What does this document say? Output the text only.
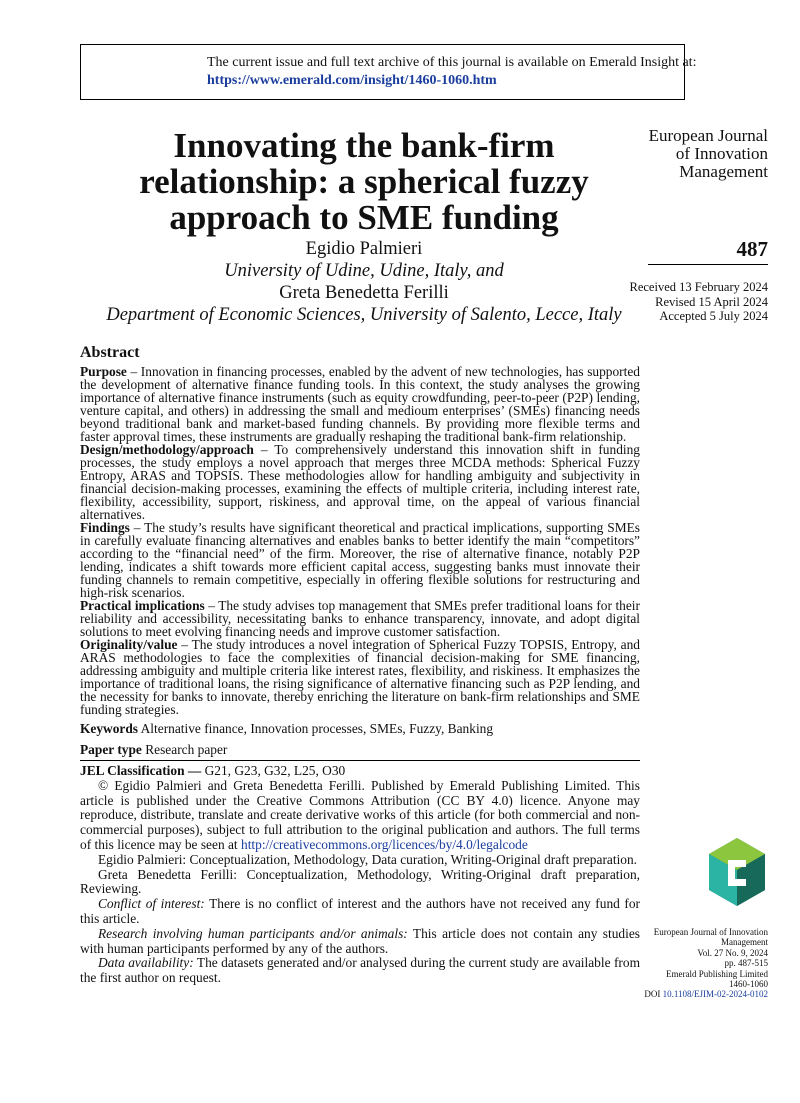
The current issue and full text archive of this journal is available on Emerald Insight at:
https://www.emerald.com/insight/1460-1060.htm
Innovating the bank-firm
relationship: a spherical fuzzy
approach to SME funding
Egidio Palmieri
University of Udine, Udine, Italy, and
Greta Benedetta Ferilli
Department of Economic Sciences, University of Salento, Lecce, Italy
European Journal
of Innovation
Management
487
Received 13 February 2024
Revised 15 April 2024
Accepted 5 July 2024

Abstract

Purpose – Innovation in financing processes, enabled by the advent of new technologies, has supported the development of alternative finance funding tools. In this context, the study analyses the growing importance of alternative finance instruments (such as equity crowdfunding, peer-to-peer (P2P) lending, venture capital, and others) in addressing the small and medioum enterprises’ (SMEs) financing needs beyond traditional bank and market-based funding channels. By providing more flexible terms and faster approval times, these instruments are gradually reshaping the traditional bank-firm relationship.

Design/methodology/approach – To comprehensively understand this innovation shift in funding processes, the study employs a novel approach that merges three MCDA methods: Spherical Fuzzy Entropy, ARAS and TOPSIS. These methodologies allow for handling ambiguity and subjectivity in financial decision-making processes, examining the effects of multiple criteria, including interest rate, flexibility, accessibility, support, riskiness, and approval time, on the appeal of various financial alternatives.

Findings – The study’s results have significant theoretical and practical implications, supporting SMEs in carefully evaluate financing alternatives and enables banks to better identify the main “competitors” according to the “financial need” of the firm. Moreover, the rise of alternative finance, notably P2P lending, indicates a shift towards more efficient capital access, suggesting banks must innovate their funding channels to remain competitive, especially in offering flexible solutions for restructuring and high-risk scenarios.

Practical implications – The study advises top management that SMEs prefer traditional loans for their reliability and accessibility, necessitating banks to enhance transparency, innovate, and adopt digital solutions to meet evolving financing needs and improve customer satisfaction.

Originality/value – The study introduces a novel integration of Spherical Fuzzy TOPSIS, Entropy, and ARAS methodologies to face the complexities of financial decision-making for SME financing, addressing ambiguity and multiple criteria like interest rates, flexibility, and riskiness. It emphasizes the importance of traditional loans, the rising significance of alternative financing such as P2P lending, and the necessity for banks to innovate, thereby enriching the literature on bank-firm relationships and SME funding strategies.

Keywords Alternative finance, Innovation processes, SMEs, Fuzzy, Banking

Paper type Research paper

JEL Classification — G21, G23, G32, L25, O30

© Egidio Palmieri and Greta Benedetta Ferilli. Published by Emerald Publishing Limited. This article is published under the Creative Commons Attribution (CC BY 4.0) licence. Anyone may reproduce, distribute, translate and create derivative works of this article (for both commercial and non-commercial purposes), subject to full attribution to the original publication and authors. The full terms of this licence may be seen at http://creativecommons.org/licences/by/4.0/legalcode

Egidio Palmieri: Conceptualization, Methodology, Data curation, Writing-Original draft preparation.

Greta Benedetta Ferilli: Conceptualization, Methodology, Writing-Original draft preparation, Reviewing.

Conflict of interest: There is no conflict of interest and the authors have not received any fund for this article.

Research involving human participants and/or animals: This article does not contain any studies with human participants performed by any of the authors.

Data availability: The datasets generated and/or analysed during the current study are available from the first author on request.

European Journal of Innovation
Management
Vol. 27 No. 9, 2024
pp. 487-515
Emerald Publishing Limited
1460-1060
DOI 10.1108/EJIM-02-2024-0102
